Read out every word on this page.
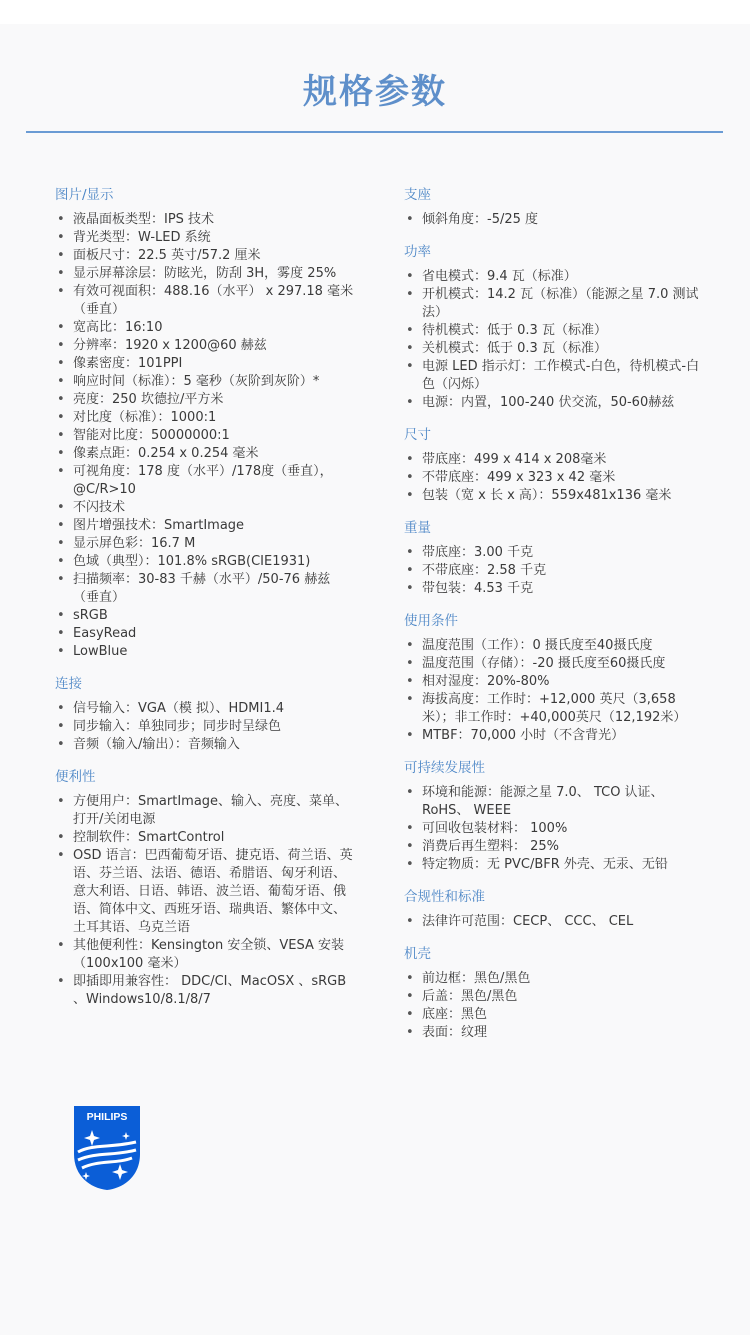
规格参数
图片/显示
• 液晶面板类型：IPS 技术
• 背光类型：W-LED 系统
• 面板尺寸：22.5 英寸/57.2 厘米
• 显示屏幕涂层：防眩光，防刮 3H，雾度 25%
• 有效可视面积：488.16（水平） x 297.18 毫米（垂直）
• 宽高比：16:10
• 分辨率：1920 x 1200@60 赫兹
• 像素密度：101PPI
• 响应时间（标准）：5 毫秒（灰阶到灰阶）*
• 亮度：250 坎德拉/平方米
• 对比度（标准）：1000:1
• 智能对比度：50000000:1
• 像素点距：0.254 x 0.254 毫米
• 可视角度：178 度（水平）/178度（垂直），@C/R>10
• 不闪技术
• 图片增强技术：SmartImage
• 显示屏色彩：16.7 M
• 色域（典型）：101.8% sRGB(CIE1931)
• 扫描频率：30-83 千赫（水平）/50-76 赫兹（垂直）
• sRGB
• EasyRead
• LowBlue
连接
• 信号输入：VGA（模 拟）、HDMI1.4
• 同步输入：单独同步；同步时呈绿色
• 音频（输入/输出）：音频输入
便利性
• 方便用户：SmartImage、输入、亮度、菜单、打开/关闭电源
• 控制软件：SmartControl
• OSD 语言：巴西葡萄牙语、捷克语、荷兰语、英语、芬兰语、法语、德语、希腊语、匈牙利语、意大利语、日语、韩语、波兰语、葡萄牙语、俄语、简体中文、西班牙语、瑞典语、繁体中文、土耳其语、乌克兰语
• 其他便利性：Kensington 安全锁、VESA 安装（100x100 毫米）
• 即插即用兼容性： DDC/CI、MacOSX 、sRGB 、Windows10/8.1/8/7
支座
• 倾斜角度：-5/25 度
功率
• 省电模式：9.4 瓦（标准）
• 开机模式：14.2 瓦（标准）（能源之星 7.0 测试法）
• 待机模式：低于 0.3 瓦（标准）
• 关机模式：低于 0.3 瓦（标准）
• 电源 LED 指示灯：工作模式-白色，待机模式-白色（闪烁）
• 电源：内置，100-240 伏交流，50-60赫兹
尺寸
• 带底座：499 x 414 x 208毫米
• 不带底座：499 x 323 x 42 毫米
• 包装（宽 x 长 x 高）：559x481x136 毫米
重量
• 带底座：3.00 千克
• 不带底座：2.58 千克
• 带包装：4.53 千克
使用条件
• 温度范围（工作）：0 摄氏度至40摄氏度
• 温度范围（存储）：-20 摄氏度至60摄氏度
• 相对湿度：20%-80%
• 海拔高度：工作时：+12,000 英尺（3,658 米）；非工作时：+40,000英尺（12,192米）
• MTBF：70,000 小时（不含背光）
可持续发展性
• 环境和能源：能源之星 7.0、 TCO 认证、RoHS、 WEEE
• 可回收包装材料： 100%
• 消费后再生塑料： 25%
• 特定物质：无 PVC/BFR 外壳、无汞、无铅
合规性和标准
• 法律许可范围：CECP、 CCC、 CEL
机壳
• 前边框：黑色/黑色
• 后盖：黑色/黑色
• 底座：黑色
• 表面：纹理
PHILIPS
